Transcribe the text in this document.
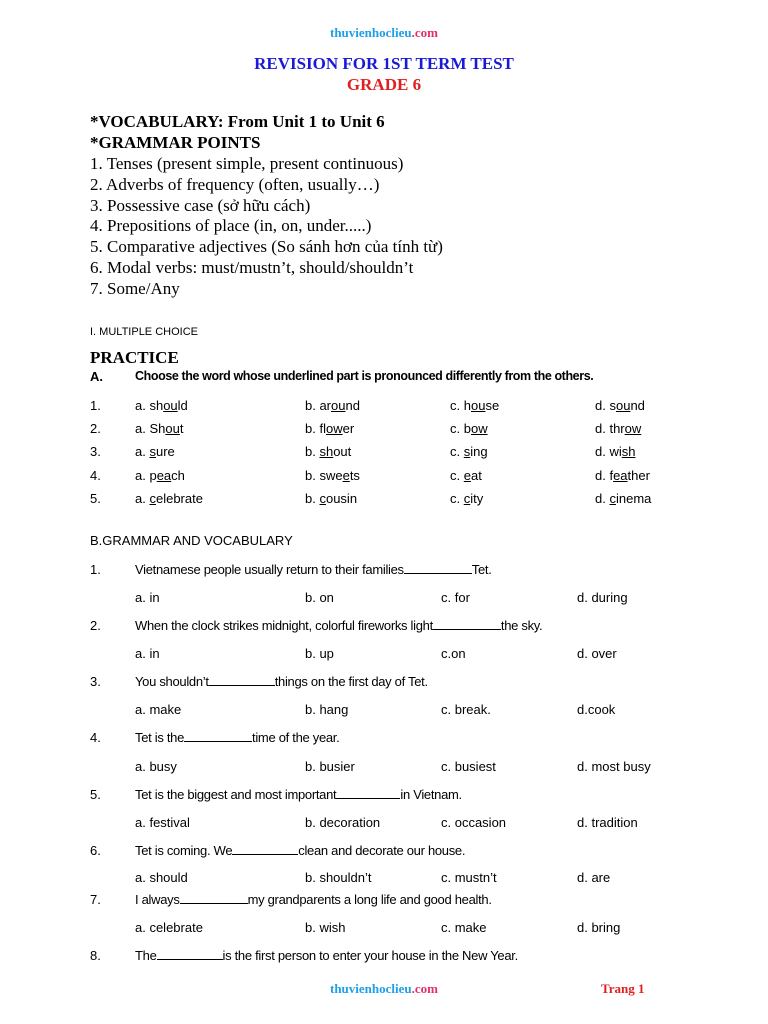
thuvienhoclieu.com
REVISION FOR 1ST TERM TEST
GRADE 6
*VOCABULARY: From Unit 1 to Unit 6
*GRAMMAR POINTS
1. Tenses (present simple, present continuous)
2. Adverbs of frequency (often, usually…)
3. Possessive case (sở hữu cách)
4. Prepositions of place (in, on, under.....)
5. Comparative adjectives (So sánh hơn của tính từ)
6. Modal verbs: must/mustn’t, should/shouldn’t
7. Some/Any
I. MULTIPLE CHOICE
PRACTICE
A.	Choose the word whose underlined part is pronounced differently from the others.
1.	a. should	b. around	c. house	d. sound
2.	a. Shout	b. flower	c. bow	d. throw
3.	a. sure	b. shout	c. sing	d. wish
4.	a. peach	b. sweets	c. eat	d. feather
5.	a. celebrate	b. cousin	c. city	d. cinema
B.GRAMMAR AND VOCABULARY
1.	Vietnamese people usually return to their families	Tet.
a. in	b. on	c. for	d. during
2.	When the clock strikes midnight, colorful fireworks light	the sky.
a. in	b. up	c.on	d. over
3.	You shouldn’t	things on the first day of Tet.
a. make	b. hang	c. break.	d.cook
4.	Tet is the	time of the year.
a. busy	b. busier	c. busiest	d. most busy
5.	Tet is the biggest and most important	in Vietnam.
a. festival	b. decoration	c. occasion	d. tradition
6.	Tet is coming. We	clean and decorate our house.
a. should	b. shouldn’t	c. mustn’t	d. are
7.	I always	my grandparents a long life and good health.
a. celebrate	b. wish	c. make	d. bring
8.	The	is the first person to enter your house in the New Year.
thuvienhoclieu.com	Trang 1
